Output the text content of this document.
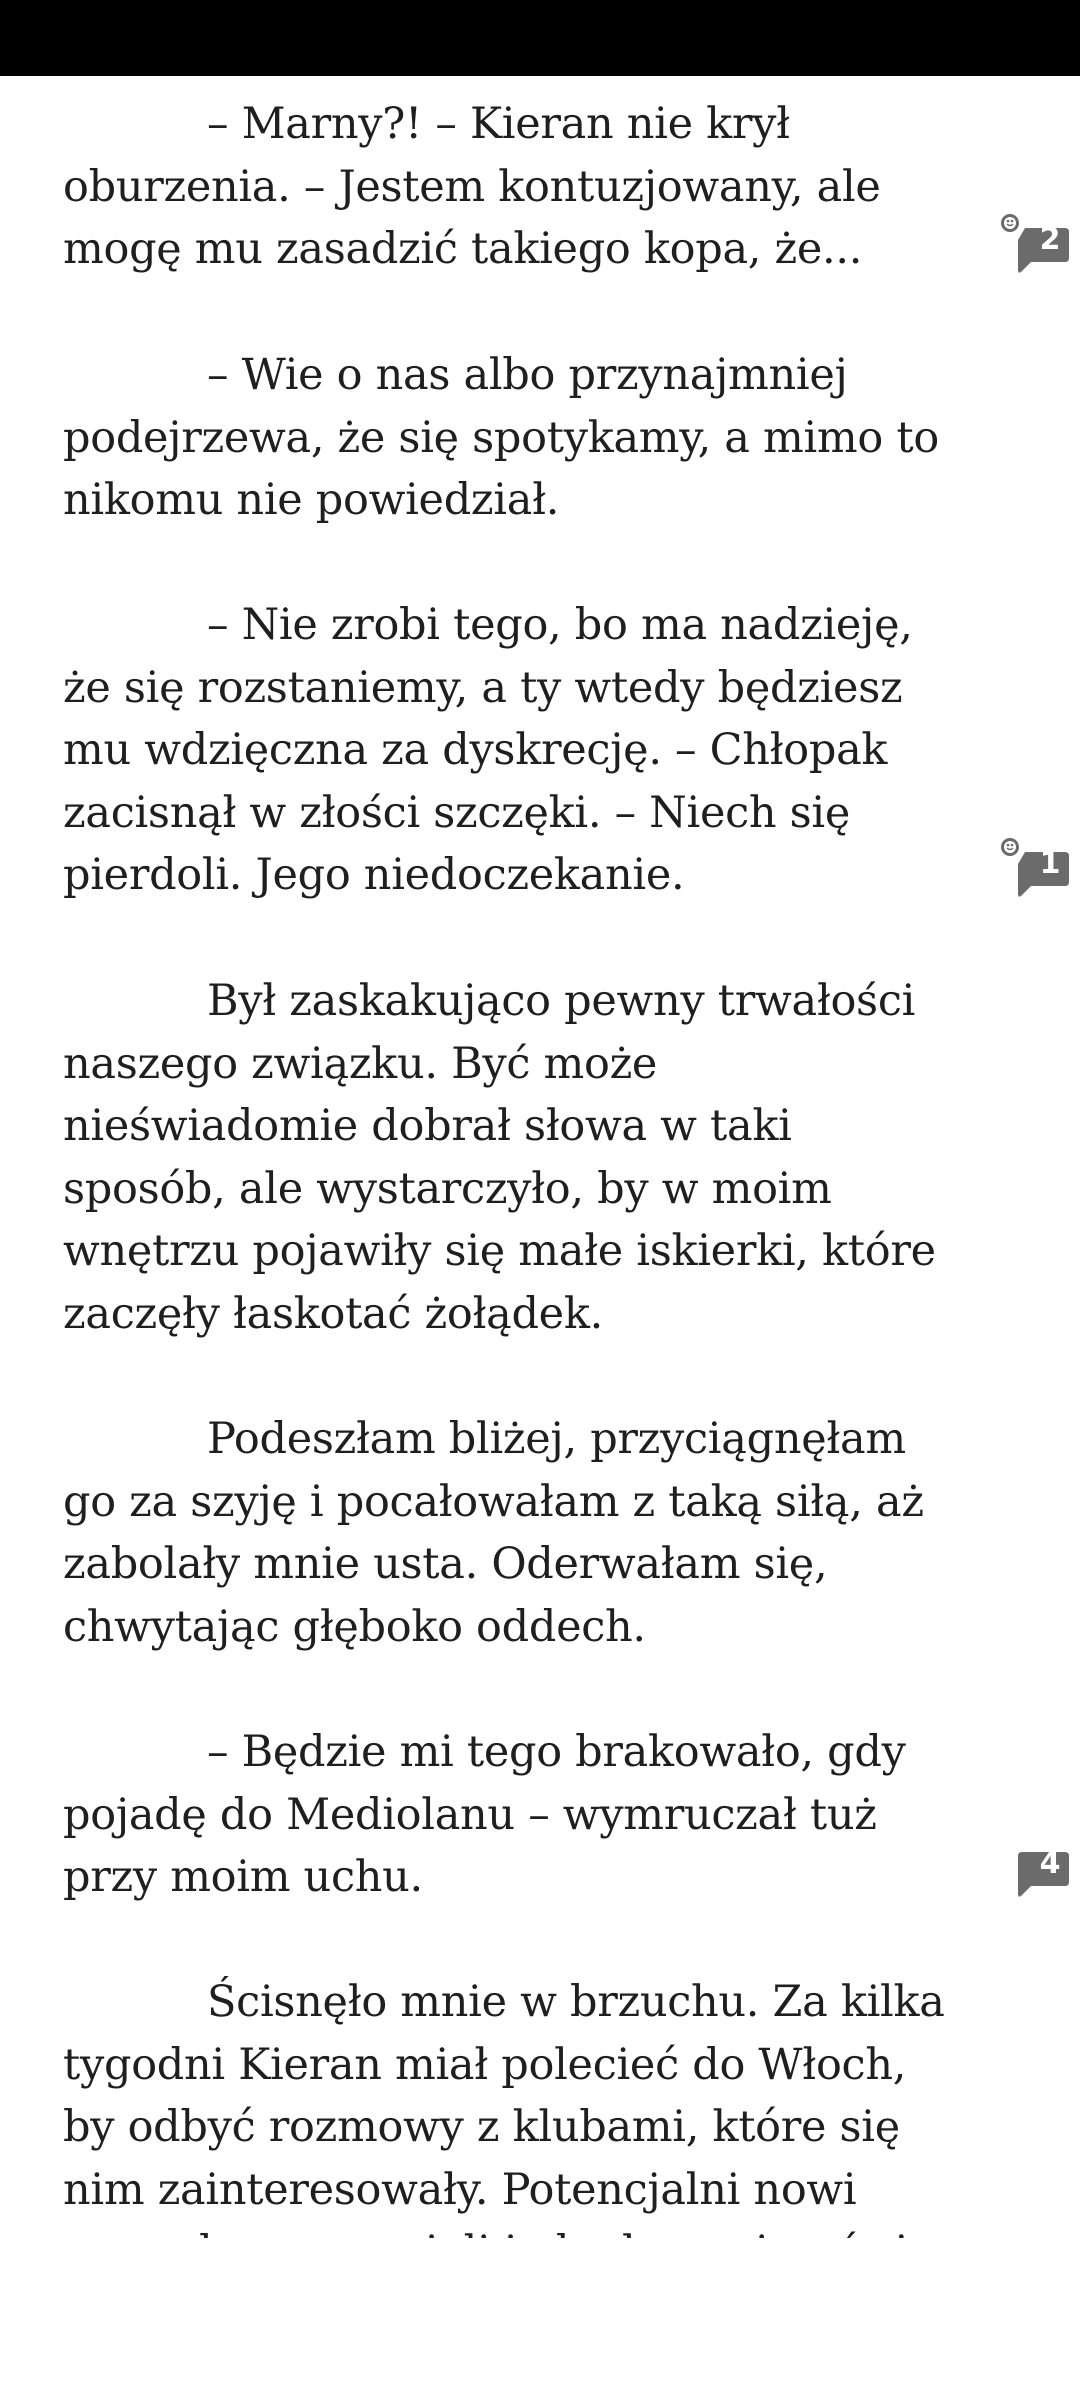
– Marny?! – Kieran nie krył oburzenia. – Jestem kontuzjowany, ale mogę mu zasadzić takiego kopa, że...

– Wie o nas albo przynajmniej podejrzewa, że się spotykamy, a mimo to nikomu nie powiedział.

– Nie zrobi tego, bo ma nadzieję, że się rozstaniemy, a ty wtedy będziesz mu wdzięczna za dyskrecję. – Chłopak zacisnął w złości szczęki. – Niech się pierdoli. Jego niedoczekanie.

Był zaskakująco pewny trwałości naszego związku. Być może nieświadomie dobrał słowa w taki sposób, ale wystarczyło, by w moim wnętrzu pojawiły się małe iskierki, które zaczęły łaskotać żołądek.

Podeszłam bliżej, przyciągnęłam go za szyję i pocałowałam z taką siłą, aż zabolały mnie usta. Oderwałam się, chwytając głęboko oddech.

– Będzie mi tego brakowało, gdy pojadę do Mediolanu – wymruczał tuż przy moim uchu.

Ścisnęło mnie w brzuchu. Za kilka tygodni Kieran miał polecieć do Włoch, by odbyć rozmowy z klubami, które się nim zainteresowały. Potencjalni nowi

2
1
4
